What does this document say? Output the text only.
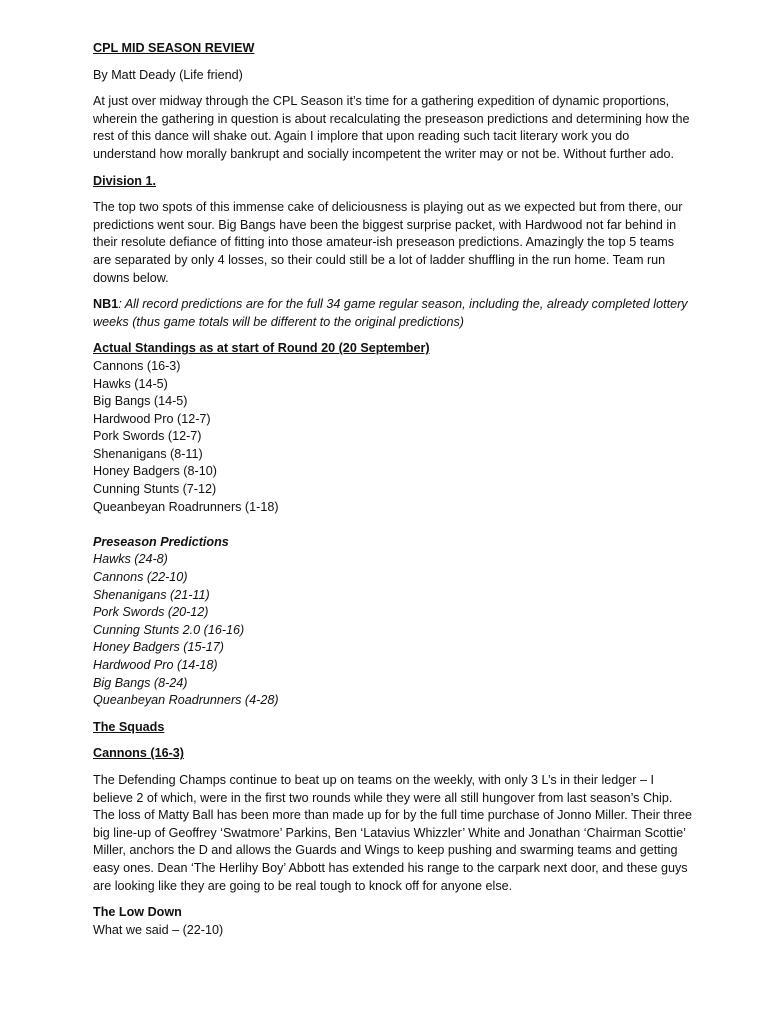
CPL MID SEASON REVIEW

By Matt Deady (Life friend)

At just over midway through the CPL Season it’s time for a gathering expedition of dynamic proportions, wherein the gathering in question is about recalculating the preseason predictions and determining how the rest of this dance will shake out. Again I implore that upon reading such tacit literary work you do understand how morally bankrupt and socially incompetent the writer may or not be. Without further ado.

Division 1.

The top two spots of this immense cake of deliciousness is playing out as we expected but from there, our predictions went sour. Big Bangs have been the biggest surprise packet, with Hardwood not far behind in their resolute defiance of fitting into those amateur-ish preseason predictions. Amazingly the top 5 teams are separated by only 4 losses, so their could still be a lot of ladder shuffling in the run home. Team run downs below.

NB1: All record predictions are for the full 34 game regular season, including the, already completed lottery weeks (thus game totals will be different to the original predictions)

Actual Standings as at start of Round 20 (20 September)
Cannons (16-3)
Hawks (14-5)
Big Bangs (14-5)
Hardwood Pro (12-7)
Pork Swords (12-7)
Shenanigans (8-11)
Honey Badgers (8-10)
Cunning Stunts (7-12)
Queanbeyan Roadrunners (1-18)
Preseason Predictions
Hawks (24-8)
Cannons (22-10)
Shenanigans (21-11)
Pork Swords (20-12)
Cunning Stunts 2.0 (16-16)
Honey Badgers (15-17)
Hardwood Pro (14-18)
Big Bangs (8-24)
Queanbeyan Roadrunners (4-28)

The Squads

Cannons (16-3)

The Defending Champs continue to beat up on teams on the weekly, with only 3 L’s in their ledger – I believe 2 of which, were in the first two rounds while they were all still hungover from last season’s Chip. The loss of Matty Ball has been more than made up for by the full time purchase of Jonno Miller. Their three big line-up of Geoffrey ‘Swatmore’ Parkins, Ben ‘Latavius Whizzler’ White and Jonathan ‘Chairman Scottie’ Miller, anchors the D and allows the Guards and Wings to keep pushing and swarming teams and getting easy ones. Dean ‘The Herlihy Boy’ Abbott has extended his range to the carpark next door, and these guys are looking like they are going to be real tough to knock off for anyone else.

The Low Down
What we said – (22-10)
